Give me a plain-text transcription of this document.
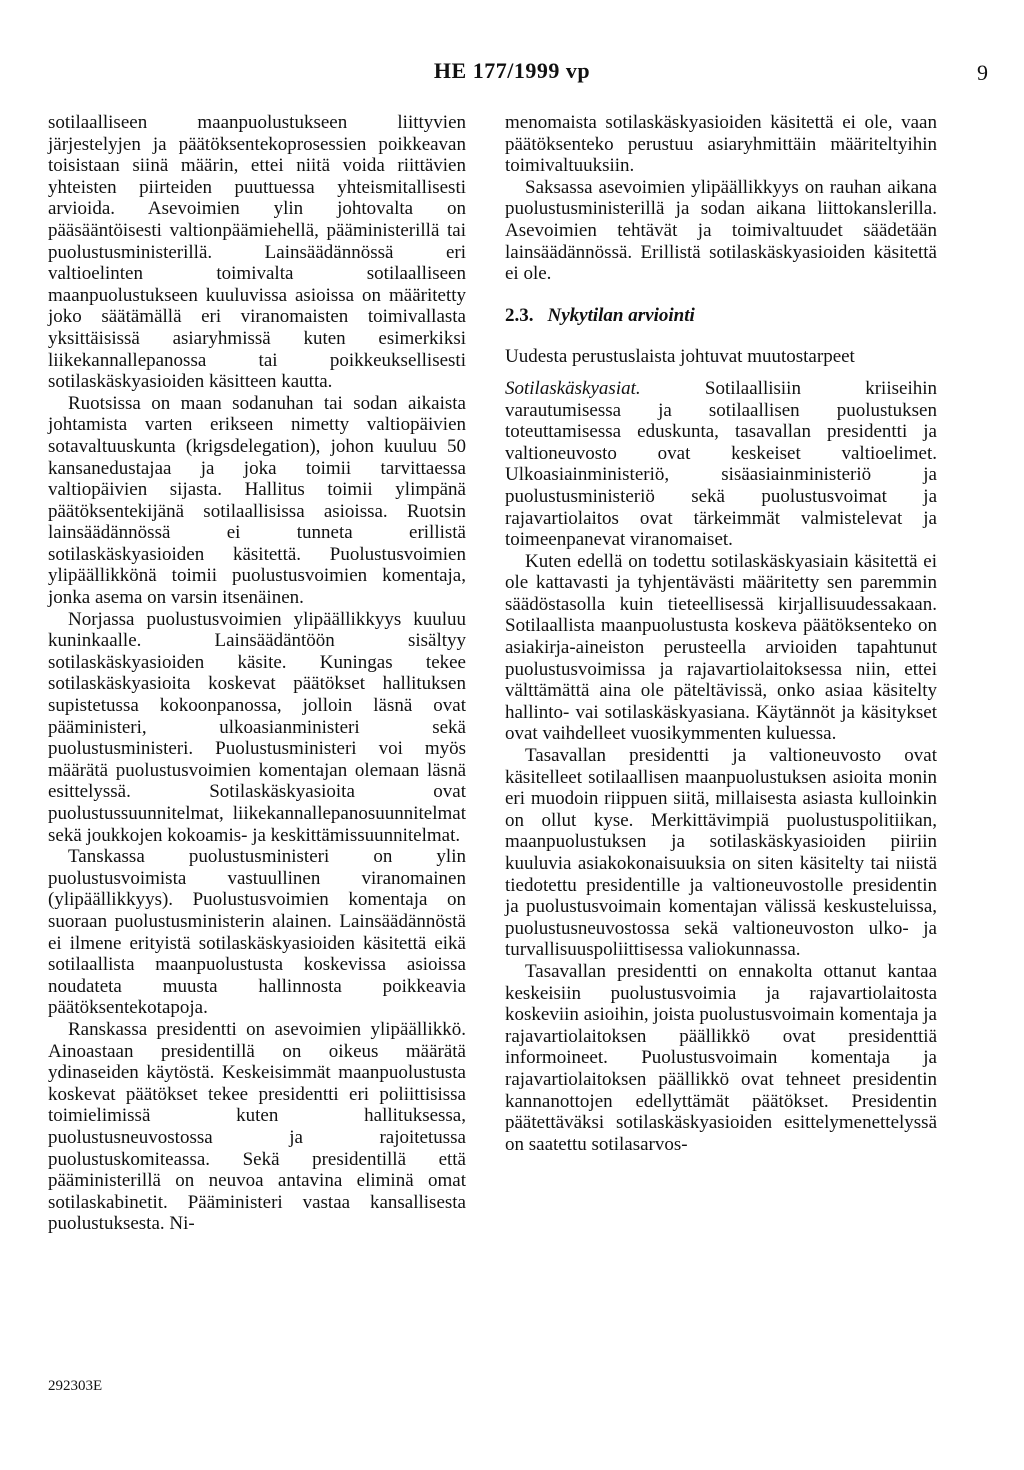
HE 177/1999 vp	9

sotilaalliseen maanpuolustukseen liittyvien järjestelyjen ja päätöksentekoprosessien poikkeavan toisistaan siinä määrin, ettei niitä voida riittävien yhteisten piirteiden puuttuessa yhteismitallisesti arvioida. Asevoimien ylin johtovalta on pääsääntöisesti valtionpäämiehellä, pääministerillä tai puolustusministerillä. Lainsäädännössä eri valtioelinten toimivalta sotilaalliseen maanpuolustukseen kuuluvissa asioissa on määritetty joko säätämällä eri viranomaisten toimivallasta yksittäisissä asiaryhmissä kuten esimerkiksi liikekannallepanossa tai poikkeuksellisesti sotilaskäskyasioiden käsitteen kautta.

Ruotsissa on maan sodanuhan tai sodan aikaista johtamista varten erikseen nimetty valtiopäivien sotavaltuuskunta (krigsdelegation), johon kuuluu 50 kansanedustajaa ja joka toimii tarvittaessa valtiopäivien sijasta. Hallitus toimii ylimpänä päätöksentekijänä sotilaallisissa asioissa. Ruotsin lainsäädännössä ei tunneta erillistä sotilaskäskyasioiden käsitettä. Puolustusvoimien ylipäällikkönä toimii puolustusvoimien komentaja, jonka asema on varsin itsenäinen.

Norjassa puolustusvoimien ylipäällikkyys kuuluu kuninkaalle. Lainsäädäntöön sisältyy sotilaskäskyasioiden käsite. Kuningas tekee sotilaskäskyasioita koskevat päätökset hallituksen supistetussa kokoonpanossa, jolloin läsnä ovat pääministeri, ulkoasianministeri sekä puolustusministeri. Puolustusministeri voi myös määrätä puolustusvoimien komentajan olemaan läsnä esittelyssä. Sotilaskäskyasioita ovat puolustussuunnitelmat, liikekannallepanosuunnitelmat sekä joukkojen kokoamis- ja keskittämissuunnitelmat.

Tanskassa puolustusministeri on ylin puolustusvoimista vastuullinen viranomainen (ylipäällikkyys). Puolustusvoimien komentaja on suoraan puolustusministerin alainen. Lainsäädännöstä ei ilmene erityistä sotilaskäskyasioiden käsitettä eikä sotilaallista maanpuolustusta koskevissa asioissa noudateta muusta hallinnosta poikkeavia päätöksentekotapoja.

Ranskassa presidentti on asevoimien ylipäällikkö. Ainoastaan presidentillä on oikeus määrätä ydinaseiden käytöstä. Keskeisimmät maanpuolustusta koskevat päätökset tekee presidentti eri poliittisissa toimielimissä kuten hallituksessa, puolustusneuvostossa ja rajoitetussa puolustuskomiteassa. Sekä presidentillä että pääministerillä on neuvoa antavina eliminä omat sotilaskabinetit. Pääministeri vastaa kansallisesta puolustuksesta. Ni-

menomaista sotilaskäskyasioiden käsitettä ei ole, vaan päätöksenteko perustuu asiaryhmittäin määriteltyihin toimivaltuuksiin.

Saksassa asevoimien ylipäällikkyys on rauhan aikana puolustusministerillä ja sodan aikana liittokanslerilla. Asevoimien tehtävät ja toimivaltuudet säädetään lainsäädännössä. Erillistä sotilaskäskyasioiden käsitettä ei ole.

2.3. Nykytilan arviointi
Uudesta perustuslaista johtuvat muutostarpeet

Sotilaskäskyasiat. Sotilaallisiin kriiseihin varautumisessa ja sotilaallisen puolustuksen toteuttamisessa eduskunta, tasavallan presidentti ja valtioneuvosto ovat keskeiset valtioelimet. Ulkoasiainministeriö, sisäasiainministeriö ja puolustusministeriö sekä puolustusvoimat ja rajavartiolaitos ovat tärkeimmät valmistelevat ja toimeenpanevat viranomaiset.

Kuten edellä on todettu sotilaskäskyasiain käsitettä ei ole kattavasti ja tyhjentävästi määritetty sen paremmin säädöstasolla kuin tieteellisessä kirjallisuudessakaan. Sotilaallista maanpuolustusta koskeva päätöksenteko on asiakirja-aineiston perusteella arvioiden tapahtunut puolustusvoimissa ja rajavartiolaitoksessa niin, ettei välttämättä aina ole päteltävissä, onko asiaa käsitelty hallinto- vai sotilaskäskyasiana. Käytännöt ja käsitykset ovat vaihdelleet vuosikymmenten kuluessa.

Tasavallan presidentti ja valtioneuvosto ovat käsitelleet sotilaallisen maanpuolustuksen asioita monin eri muodoin riippuen siitä, millaisesta asiasta kulloinkin on ollut kyse. Merkittävimpiä puolustuspolitiikan, maanpuolustuksen ja sotilaskäskyasioiden piiriin kuuluvia asiakokonaisuuksia on siten käsitelty tai niistä tiedotettu presidentille ja valtioneuvostolle presidentin ja puolustusvoimain komentajan välissä keskusteluissa, puolustusneuvostossa sekä valtioneuvoston ulko- ja turvallisuuspoliittisessa valiokunnassa.

Tasavallan presidentti on ennakolta ottanut kantaa keskeisiin puolustusvoimia ja rajavartiolaitosta koskeviin asioihin, joista puolustusvoimain komentaja ja rajavartiolaitoksen päällikkö ovat presidenttiä informoineet. Puolustusvoimain komentaja ja rajavartiolaitoksen päällikkö ovat tehneet presidentin kannanottojen edellyttämät päätökset. Presidentin päätettäväksi sotilaskäskyasioiden esittelymenettelyssä on saatettu sotilasarvos-

292303E
